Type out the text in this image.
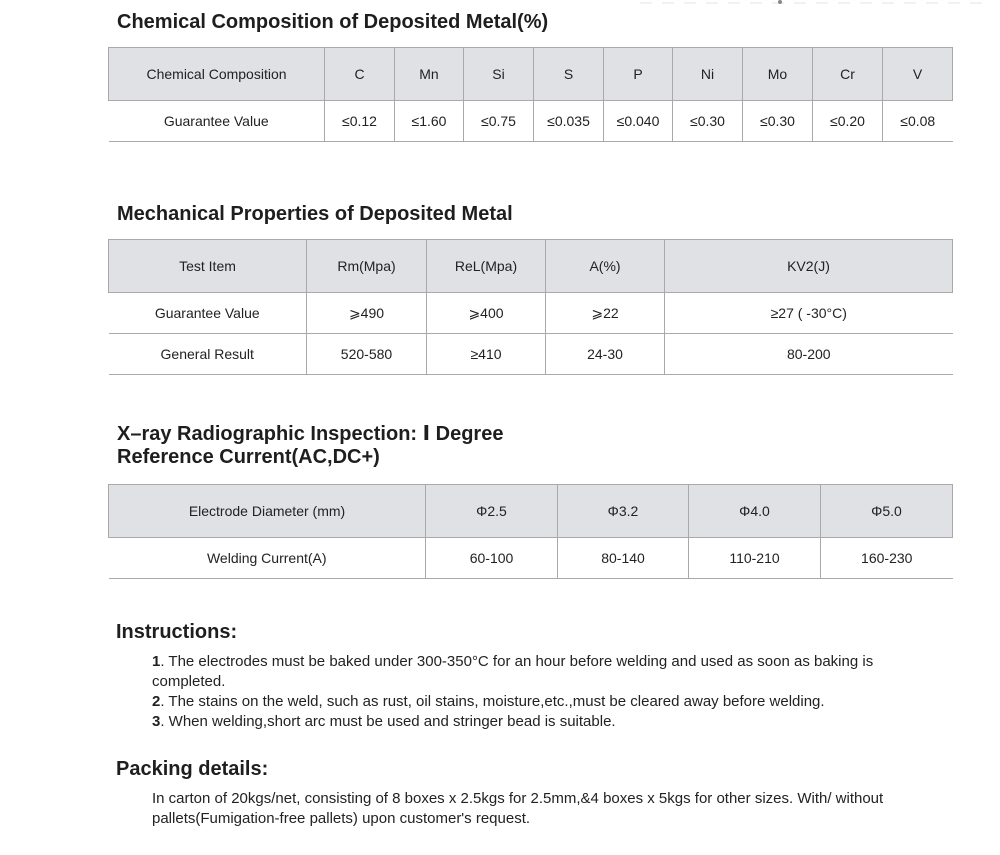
Chemical Composition of Deposited Metal(%)
Chemical Composition	C	Mn	Si	S	P	Ni	Mo	Cr	V
Guarantee Value	≤0.12	≤1.60	≤0.75	≤0.035	≤0.040	≤0.30	≤0.30	≤0.20	≤0.08
Mechanical Properties of Deposited Metal
Test Item	Rm(Mpa)	ReL(Mpa)	A(%)	KV2(J)
Guarantee Value	⩾490	⩾400	⩾22	≥27 ( -30°C)
General Result	520-580	≥410	24-30	80-200
X–ray Radiographic Inspection: Ⅰ Degree
Reference Current(AC,DC+)
Electrode Diameter (mm)	Φ2.5	Φ3.2	Φ4.0	Φ5.0
Welding Current(A)	60-100	80-140	110-210	160-230
Instructions:
1. The electrodes must be baked under 300-350°C for an hour before welding and used as soon as baking is completed.
2. The stains on the weld, such as rust, oil stains, moisture,etc.,must be cleared away before welding.
3. When welding,short arc must be used and stringer bead is suitable.
Packing details:
In carton of 20kgs/net, consisting of 8 boxes x 2.5kgs for 2.5mm,&4 boxes x 5kgs for other sizes. With/ without pallets(Fumigation-free pallets) upon customer's request.
